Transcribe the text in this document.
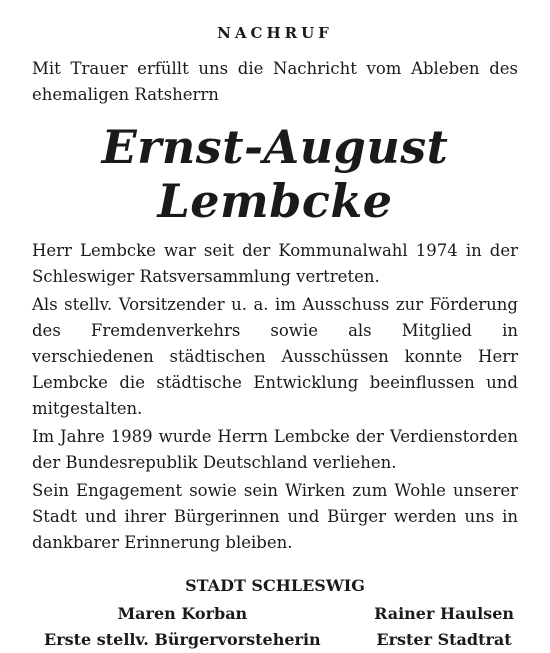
NACHRUF

Mit Trauer erfüllt uns die Nachricht vom Ableben des ehemaligen Ratsherrn

Ernst-August Lembcke

Herr Lembcke war seit der Kommunalwahl 1974 in der Schleswiger Ratsversammlung vertreten.

Als stellv. Vorsitzender u. a. im Ausschuss zur Förderung des Fremdenverkehrs sowie als Mitglied in verschiedenen städtischen Ausschüssen konnte Herr Lembcke die städtische Entwicklung beeinflussen und mitgestalten.

Im Jahre 1989 wurde Herrn Lembcke der Verdienstorden der Bundesrepublik Deutschland verliehen.

Sein Engagement sowie sein Wirken zum Wohle unserer Stadt und ihrer Bürgerinnen und Bürger werden uns in dankbarer Erinnerung bleiben.

STADT SCHLESWIG
Maren Korban
Erste stellv. Bürgervorsteherin
Rainer Haulsen
Erster Stadtrat
